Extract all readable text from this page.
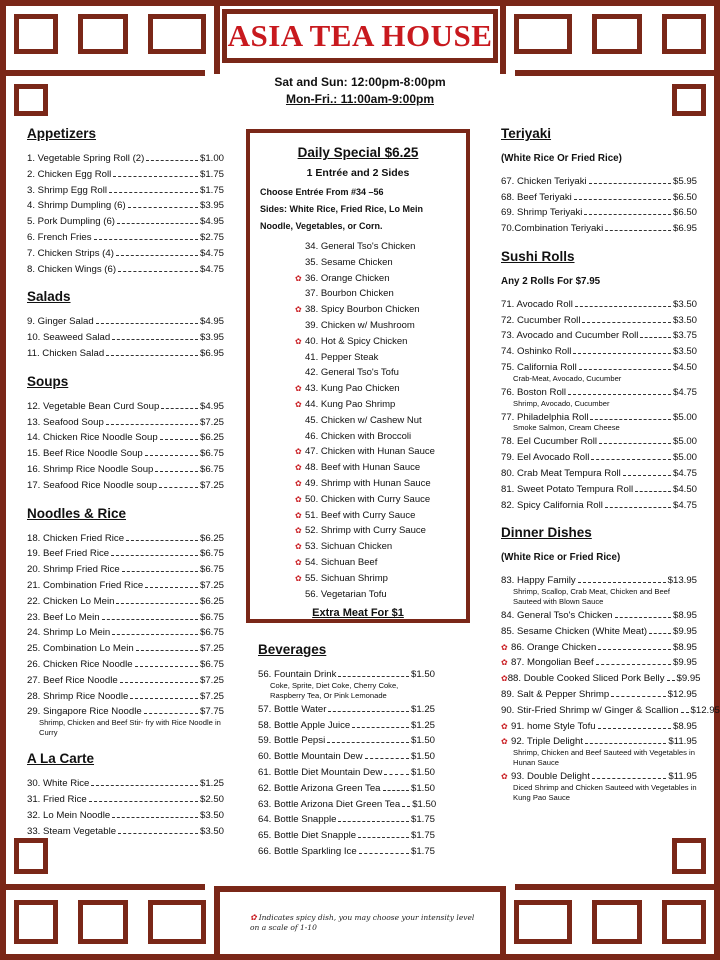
ASIA TEA HOUSE
Sat and Sun: 12:00pm-8:00pm
Mon-Fri.: 11:00am-9:00pm
Appetizers
1. Vegetable Spring Roll (2)	$1.00
2. Chicken Egg Roll	$1.75
3. Shrimp Egg Roll	$1.75
4. Shrimp Dumpling (6)	$3.95
5. Pork Dumpling (6)	$4.95
6. French Fries	$2.75
7. Chicken Strips (4)	$4.75
8. Chicken Wings (6)	$4.75
Salads
9. Ginger Salad	$4.95
10. Seaweed Salad	$3.95
11. Chicken Salad	$6.95
Soups
12. Vegetable Bean Curd Soup	$4.95
13. Seafood Soup	$7.25
14. Chicken Rice Noodle Soup	$6.25
15. Beef Rice Noodle Soup	$6.75
16. Shrimp Rice Noodle Soup	$6.75
17. Seafood Rice Noodle soup	$7.25
Noodles & Rice
18. Chicken Fried Rice	$6.25
19. Beef Fried Rice	$6.75
20. Shrimp Fried Rice	$6.75
21. Combination Fried Rice	$7.25
22. Chicken Lo Mein	$6.25
23. Beef Lo Mein	$6.75
24. Shrimp Lo Mein	$6.75
25. Combination Lo Mein	$7.25
26. Chicken Rice Noodle	$6.75
27. Beef Rice Noodle	$7.25
28. Shrimp Rice Noodle	$7.25
29. Singapore Rice Noodle	$7.75
Shrimp, Chicken and Beef Stir- fry with Rice Noodle in Curry
A La Carte
30. White Rice	$1.25
31. Fried Rice	$2.50
32. Lo Mein Noodle	$3.50
33. Steam Vegetable	$3.50
Daily Special $6.25
1 Entrée and 2 Sides
Choose Entrée From #34 –56
Sides: White Rice, Fried Rice, Lo Mein Noodle, Vegetables, or Corn.
34. General Tso's Chicken
35. Sesame Chicken
✿ 36. Orange Chicken
37. Bourbon Chicken
✿ 38. Spicy Bourbon Chicken
39. Chicken w/ Mushroom
✿ 40. Hot & Spicy Chicken
41. Pepper Steak
42. General Tso's Tofu
✿ 43. Kung Pao Chicken
✿ 44. Kung Pao Shrimp
45. Chicken w/ Cashew Nut
46. Chicken with Broccoli
✿ 47. Chicken with Hunan Sauce
✿ 48. Beef with Hunan Sauce
✿ 49. Shrimp with Hunan Sauce
✿ 50. Chicken with Curry Sauce
✿ 51. Beef with Curry Sauce
✿ 52. Shrimp with Curry Sauce
✿ 53. Sichuan Chicken
✿ 54. Sichuan Beef
✿ 55. Sichuan Shrimp
56. Vegetarian Tofu
Extra Meat For $1
Beverages
56. Fountain Drink	$1.50
Coke, Sprite, Diet Coke, Cherry Coke, Raspberry Tea, Or Pink Lemonade
57. Bottle Water	$1.25
58. Bottle Apple Juice	$1.25
59. Bottle Pepsi	$1.50
60. Bottle Mountain Dew	$1.50
61. Bottle Diet Mountain Dew	$1.50
62. Bottle Arizona Green Tea	$1.50
63. Bottle Arizona Diet Green Tea $1.50
64. Bottle Snapple	$1.75
65. Bottle Diet Snapple	$1.75
66. Bottle Sparkling Ice	$1.75
Teriyaki
(White Rice Or Fried Rice)
67. Chicken Teriyaki	$5.95
68. Beef Teriyaki	$6.50
69. Shrimp Teriyaki	$6.50
70.Combination Teriyaki	$6.95
Sushi Rolls
Any 2 Rolls For $7.95
71. Avocado Roll	$3.50
72. Cucumber Roll	$3.50
73. Avocado and Cucumber Roll	$3.75
74. Oshinko Roll	$3.50
75. California Roll	$4.50
Crab-Meat, Avocado, Cucumber
76. Boston Roll	$4.75
Shrimp, Avocado, Cucumber
77. Philadelphia Roll	$5.00
Smoke Salmon, Cream Cheese
78. Eel Cucumber Roll	$5.00
79. Eel Avocado Roll	$5.00
80. Crab Meat Tempura Roll	$4.75
81. Sweet Potato Tempura Roll	$4.50
82. Spicy California Roll	$4.75
Dinner Dishes
(White Rice or Fried Rice)
83. Happy Family	$13.95
Shrimp, Scallop, Crab Meat, Chicken and Beef Sauteed with Blown Sauce
84. General Tso's Chicken	$8.95
85. Sesame Chicken (White Meat)	$9.95
✿ 86. Orange Chicken	$8.95
✿ 87. Mongolian Beef	$9.95
✿ 88. Double Cooked Sliced Pork Belly $9.95
89. Salt & Pepper Shrimp	$12.95
90. Stir-Fried Shrimp w/ Ginger & Scallion $12.95
✿ 91. home Style Tofu	$8.95
✿ 92. Triple Delight	$11.95
Shrimp, Chicken and Beef Sauteed with Vegetables in Hunan Sauce
✿ 93. Double Delight	$11.95
Diced Shrimp and Chicken Sauteed with Vegetables in Kung Pao Sauce
✿ Indicates spicy dish, you may choose your intensity level on a scale of 1-10
